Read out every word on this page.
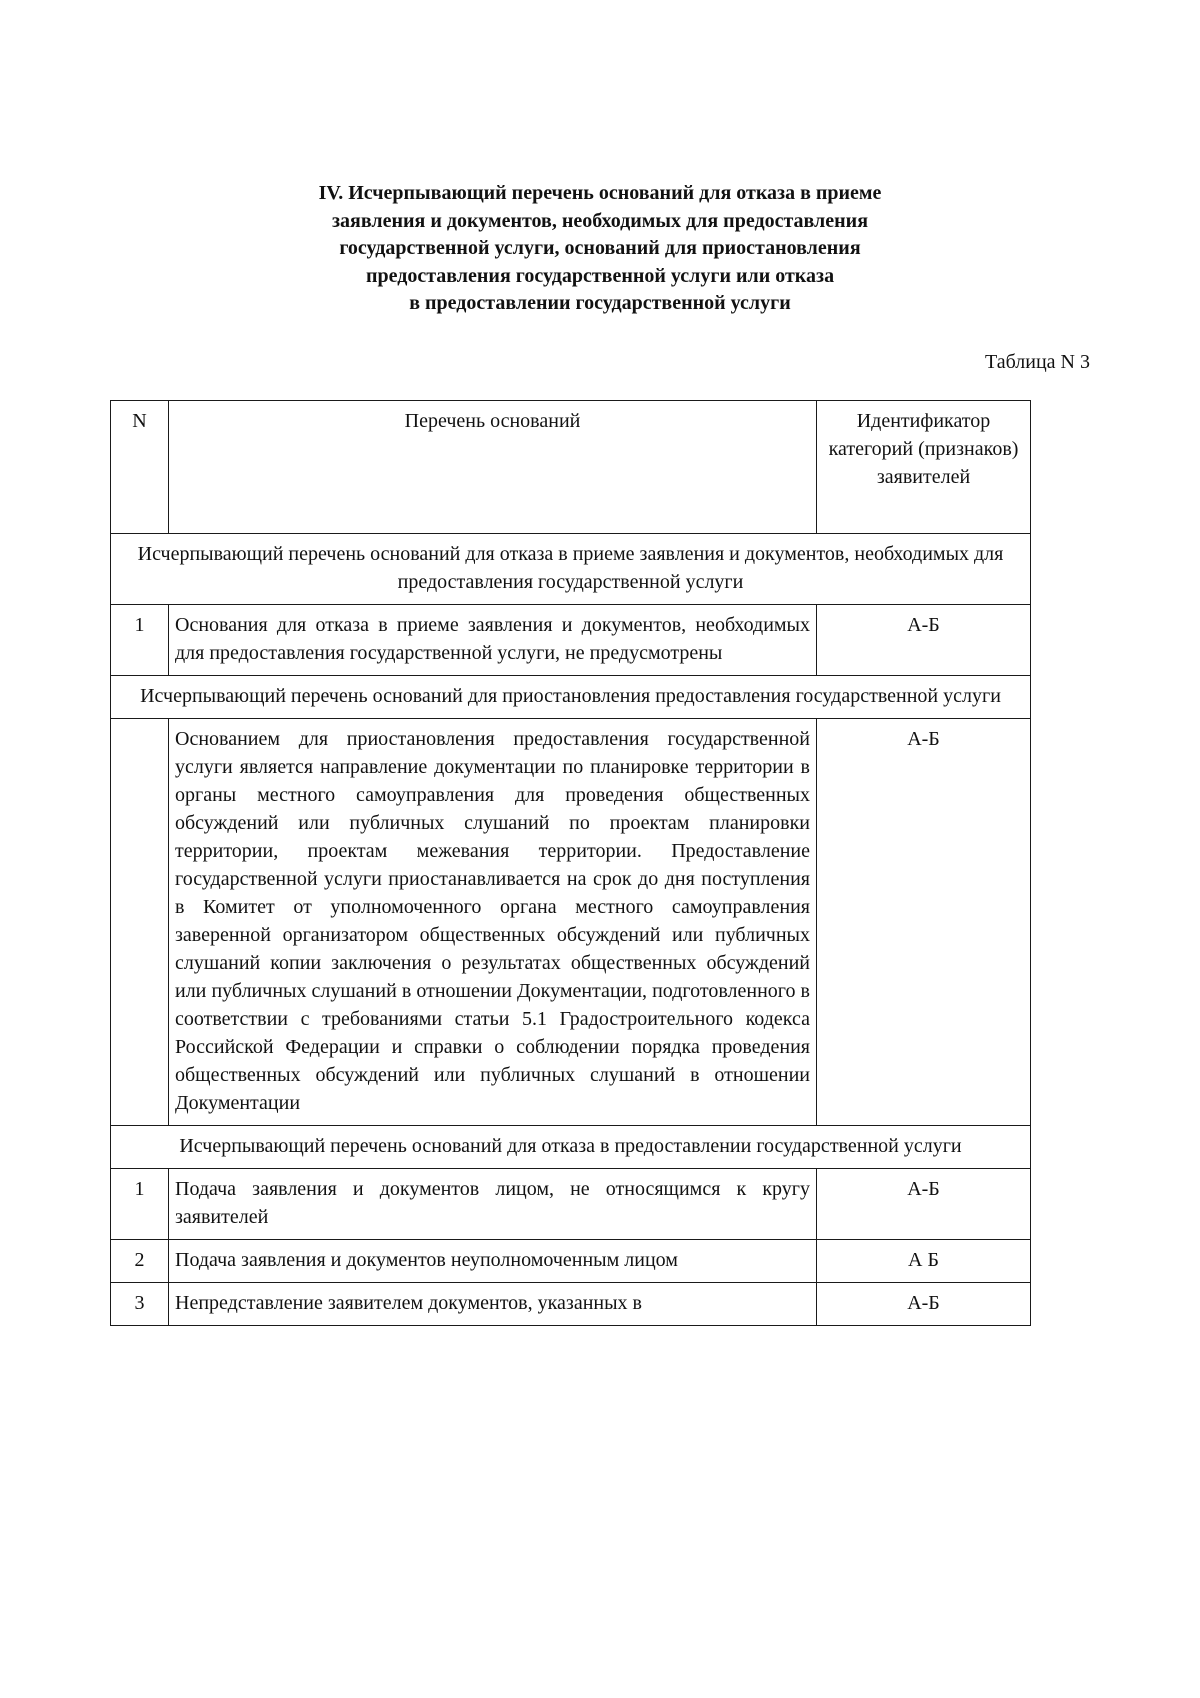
IV. Исчерпывающий перечень оснований для отказа в приеме
заявления и документов, необходимых для предоставления
государственной услуги, оснований для приостановления
предоставления государственной услуги или отказа
в предоставлении государственной услуги
Таблица N 3
N	Перечень оснований	Идентификатор категорий (признаков) заявителей
Исчерпывающий перечень оснований для отказа в приеме заявления и документов, необходимых для предоставления государственной услуги		
1	Основания для отказа в приеме заявления и документов, необходимых для предоставления государственной услуги, не предусмотрены	А-Б
Исчерпывающий перечень оснований для приостановления предоставления государственной услуги		
	Основанием для приостановления предоставления государственной услуги является направление документации по планировке территории в органы местного самоуправления для проведения общественных обсуждений или публичных слушаний по проектам планировки территории, проектам межевания территории. Предоставление государственной услуги приостанавливается на срок до дня поступления в Комитет от уполномоченного органа местного самоуправления заверенной организатором общественных обсуждений или публичных слушаний копии заключения о результатах общественных обсуждений или публичных слушаний в отношении Документации, подготовленного в соответствии с требованиями статьи 5.1 Градостроительного кодекса Российской Федерации и справки о соблюдении порядка проведения общественных обсуждений или публичных слушаний в отношении Документации	А-Б
Исчерпывающий перечень оснований для отказа в предоставлении государственной услуги		
1	Подача заявления и документов лицом, не относящимся к кругу заявителей	А-Б
2	Подача заявления и документов неуполномоченным лицом	А Б
3	Непредставление заявителем документов, указанных в	А-Б
